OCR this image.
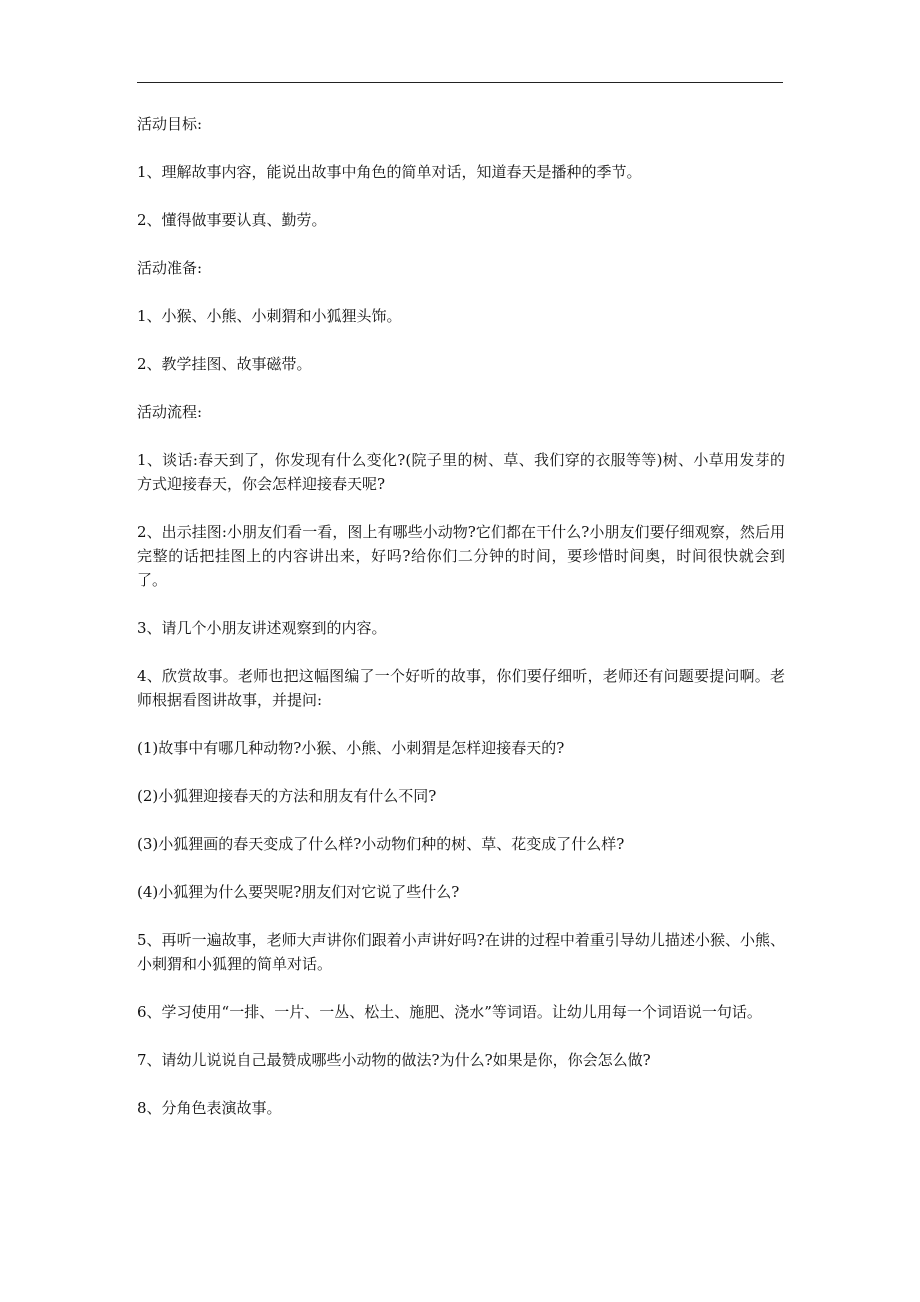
活动目标:

1、理解故事内容，能说出故事中角色的简单对话，知道春天是播种的季节。

2、懂得做事要认真、勤劳。

活动准备:

1、小猴、小熊、小刺猬和小狐狸头饰。

2、教学挂图、故事磁带。

活动流程:

1、谈话:春天到了，你发现有什么变化?(院子里的树、草、我们穿的衣服等等)树、小草用发芽的方式迎接春天，你会怎样迎接春天呢?

2、出示挂图:小朋友们看一看，图上有哪些小动物?它们都在干什么?小朋友们要仔细观察，然后用完整的话把挂图上的内容讲出来，好吗?给你们二分钟的时间，要珍惜时间奥，时间很快就会到了。

3、请几个小朋友讲述观察到的内容。

4、欣赏故事。老师也把这幅图编了一个好听的故事，你们要仔细听，老师还有问题要提问啊。老师根据看图讲故事，并提问:

(1)故事中有哪几种动物?小猴、小熊、小刺猬是怎样迎接春天的?

(2)小狐狸迎接春天的方法和朋友有什么不同?

(3)小狐狸画的春天变成了什么样?小动物们种的树、草、花变成了什么样?

(4)小狐狸为什么要哭呢?朋友们对它说了些什么?

5、再听一遍故事，老师大声讲你们跟着小声讲好吗?在讲的过程中着重引导幼儿描述小猴、小熊、小刺猬和小狐狸的简单对话。

6、学习使用“一排、一片、一丛、松土、施肥、浇水”等词语。让幼儿用每一个词语说一句话。

7、请幼儿说说自己最赞成哪些小动物的做法?为什么?如果是你，你会怎么做?

8、分角色表演故事。
